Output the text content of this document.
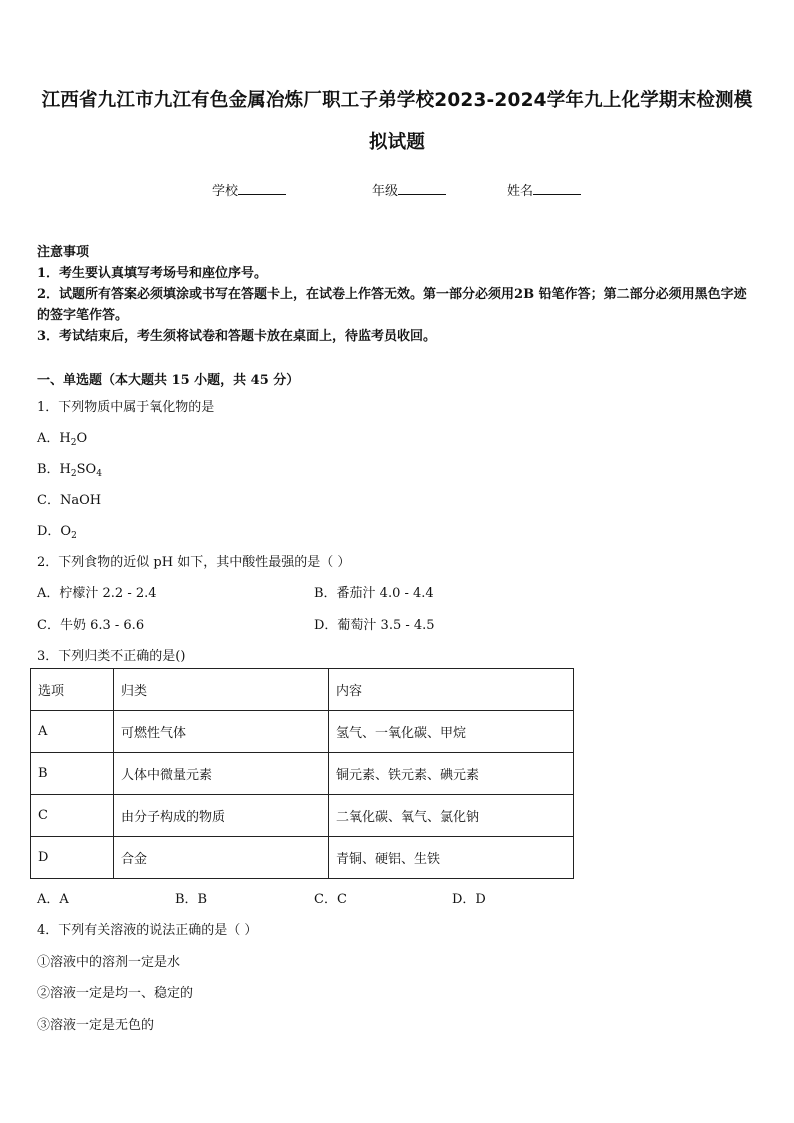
江西省九江市九江有色金属冶炼厂职工子弟学校2023-2024学年九上化学期末检测模
拟试题
学校	年级	姓名
注意事项
1．考生要认真填写考场号和座位序号。
2．试题所有答案必须填涂或书写在答题卡上，在试卷上作答无效。第一部分必须用2B 铅笔作答；第二部分必须用黑色字迹的签字笔作答。
3．考试结束后，考生须将试卷和答题卡放在桌面上，待监考员收回。
一、单选题（本大题共 15 小题，共 45 分）
1．下列物质中属于氧化物的是
A．$H_2O$
B．$H_2SO_4$
C．NaOH
D．$O_2$
2．下列食物的近似 pH 如下，其中酸性最强的是（ ）
A．柠檬汁 2.2 - 2.4	B．番茄汁 4.0 - 4.4
C．牛奶 6.3 - 6.6	D．葡萄汁 3.5 - 4.5
3．下列归类不正确的是()
选项	归类	内容
A	可燃性气体	氢气、一氧化碳、甲烷
B	人体中微量元素	铜元素、铁元素、碘元素
C	由分子构成的物质	二氧化碳、氧气、氯化钠
D	合金	青铜、硬铝、生铁
A．A	B．B	C．C	D．D
4．下列有关溶液的说法正确的是（ ）
①溶液中的溶剂一定是水
②溶液一定是均一、稳定的
③溶液一定是无色的
